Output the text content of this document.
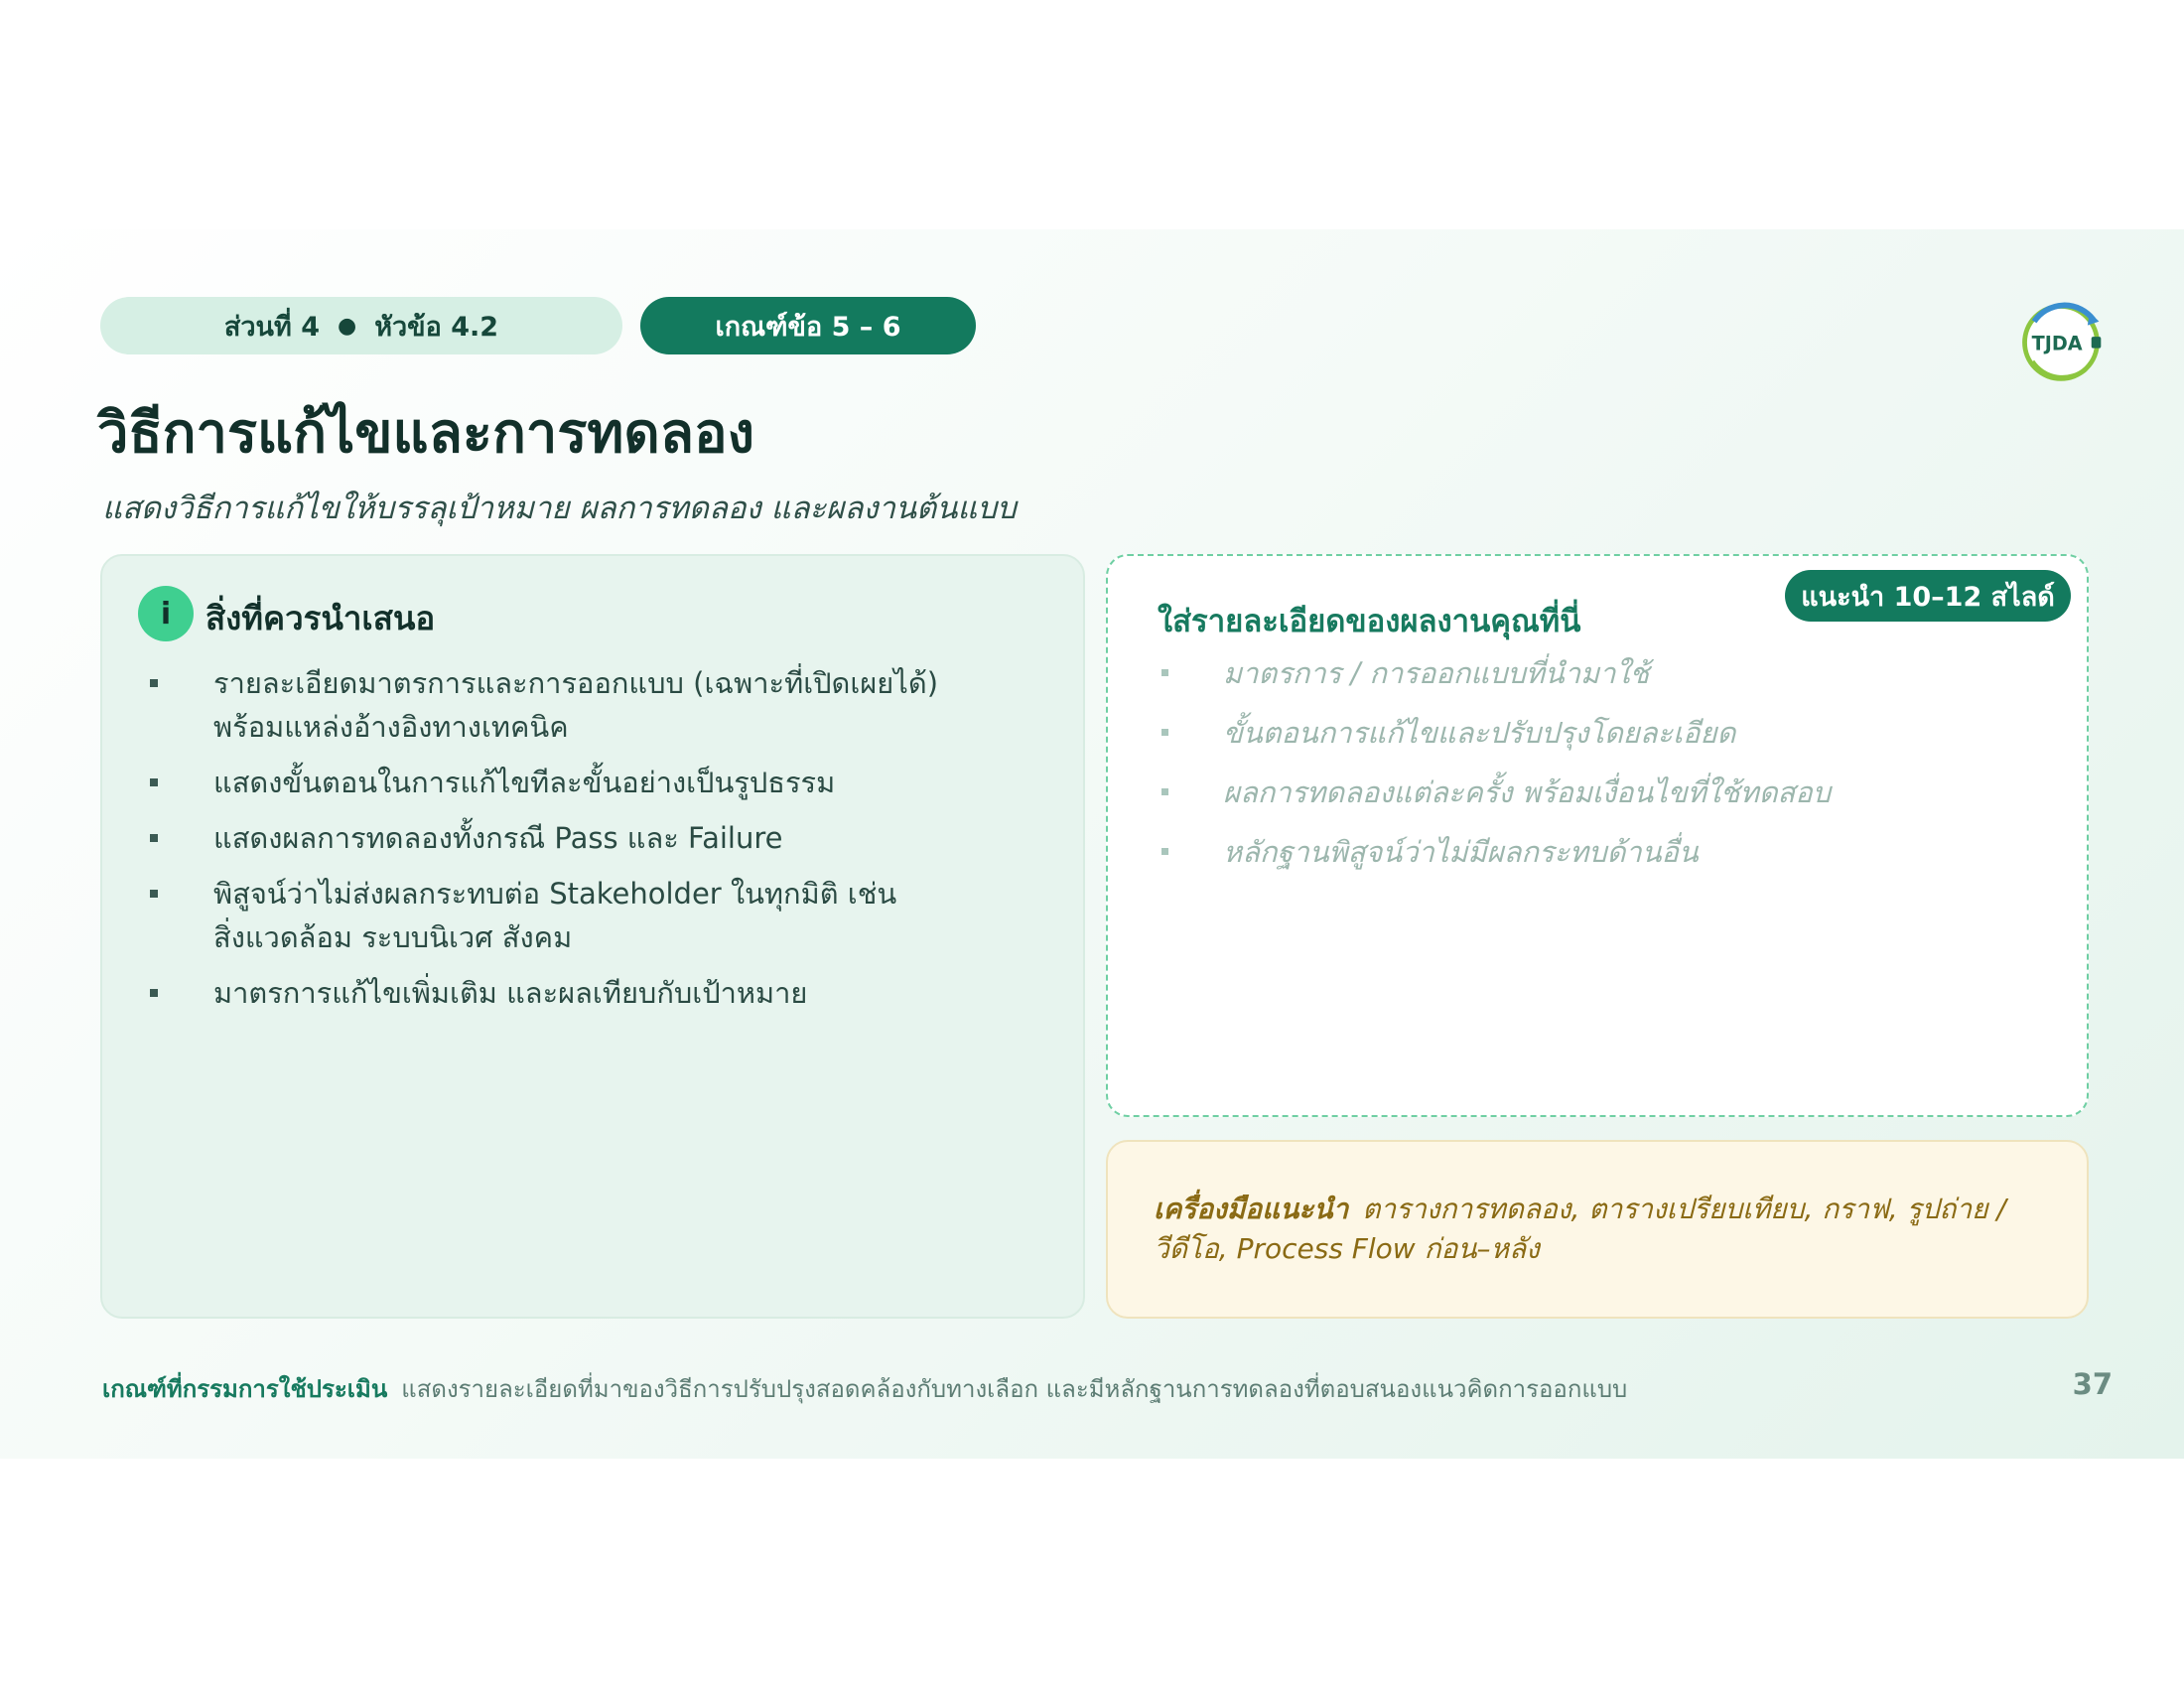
ส่วนที่ 4 ● หัวข้อ 4.2	เกณฑ์ข้อ 5 – 6
TJDA
วิธีการแก้ไขและการทดลอง
แสดงวิธีการแก้ไขให้บรรลุเป้าหมาย ผลการทดลอง และผลงานต้นแบบ
i	สิ่งที่ควรนำเสนอ
รายละเอียดมาตรการและการออกแบบ (เฉพาะที่เปิดเผยได้)
พร้อมแหล่งอ้างอิงทางเทคนิค
แสดงขั้นตอนในการแก้ไขทีละขั้นอย่างเป็นรูปธรรม
แสดงผลการทดลองทั้งกรณี Pass และ Failure
พิสูจน์ว่าไม่ส่งผลกระทบต่อ Stakeholder ในทุกมิติ เช่น
สิ่งแวดล้อม ระบบนิเวศ สังคม
มาตรการแก้ไขเพิ่มเติม และผลเทียบกับเป้าหมาย
ใส่รายละเอียดของผลงานคุณที่นี่
แนะนำ 10–12 สไลด์
มาตรการ / การออกแบบที่นำมาใช้
ขั้นตอนการแก้ไขและปรับปรุงโดยละเอียด
ผลการทดลองแต่ละครั้ง พร้อมเงื่อนไขที่ใช้ทดสอบ
หลักฐานพิสูจน์ว่าไม่มีผลกระทบด้านอื่น
เครื่องมือแนะนำ ตารางการทดลอง, ตารางเปรียบเทียบ, กราฟ, รูปถ่าย / วีดีโอ, Process Flow ก่อน–หลัง
เกณฑ์ที่กรรมการใช้ประเมิน แสดงรายละเอียดที่มาของวิธีการปรับปรุงสอดคล้องกับทางเลือก และมีหลักฐานการทดลองที่ตอบสนองแนวคิดการออกแบบ	37
